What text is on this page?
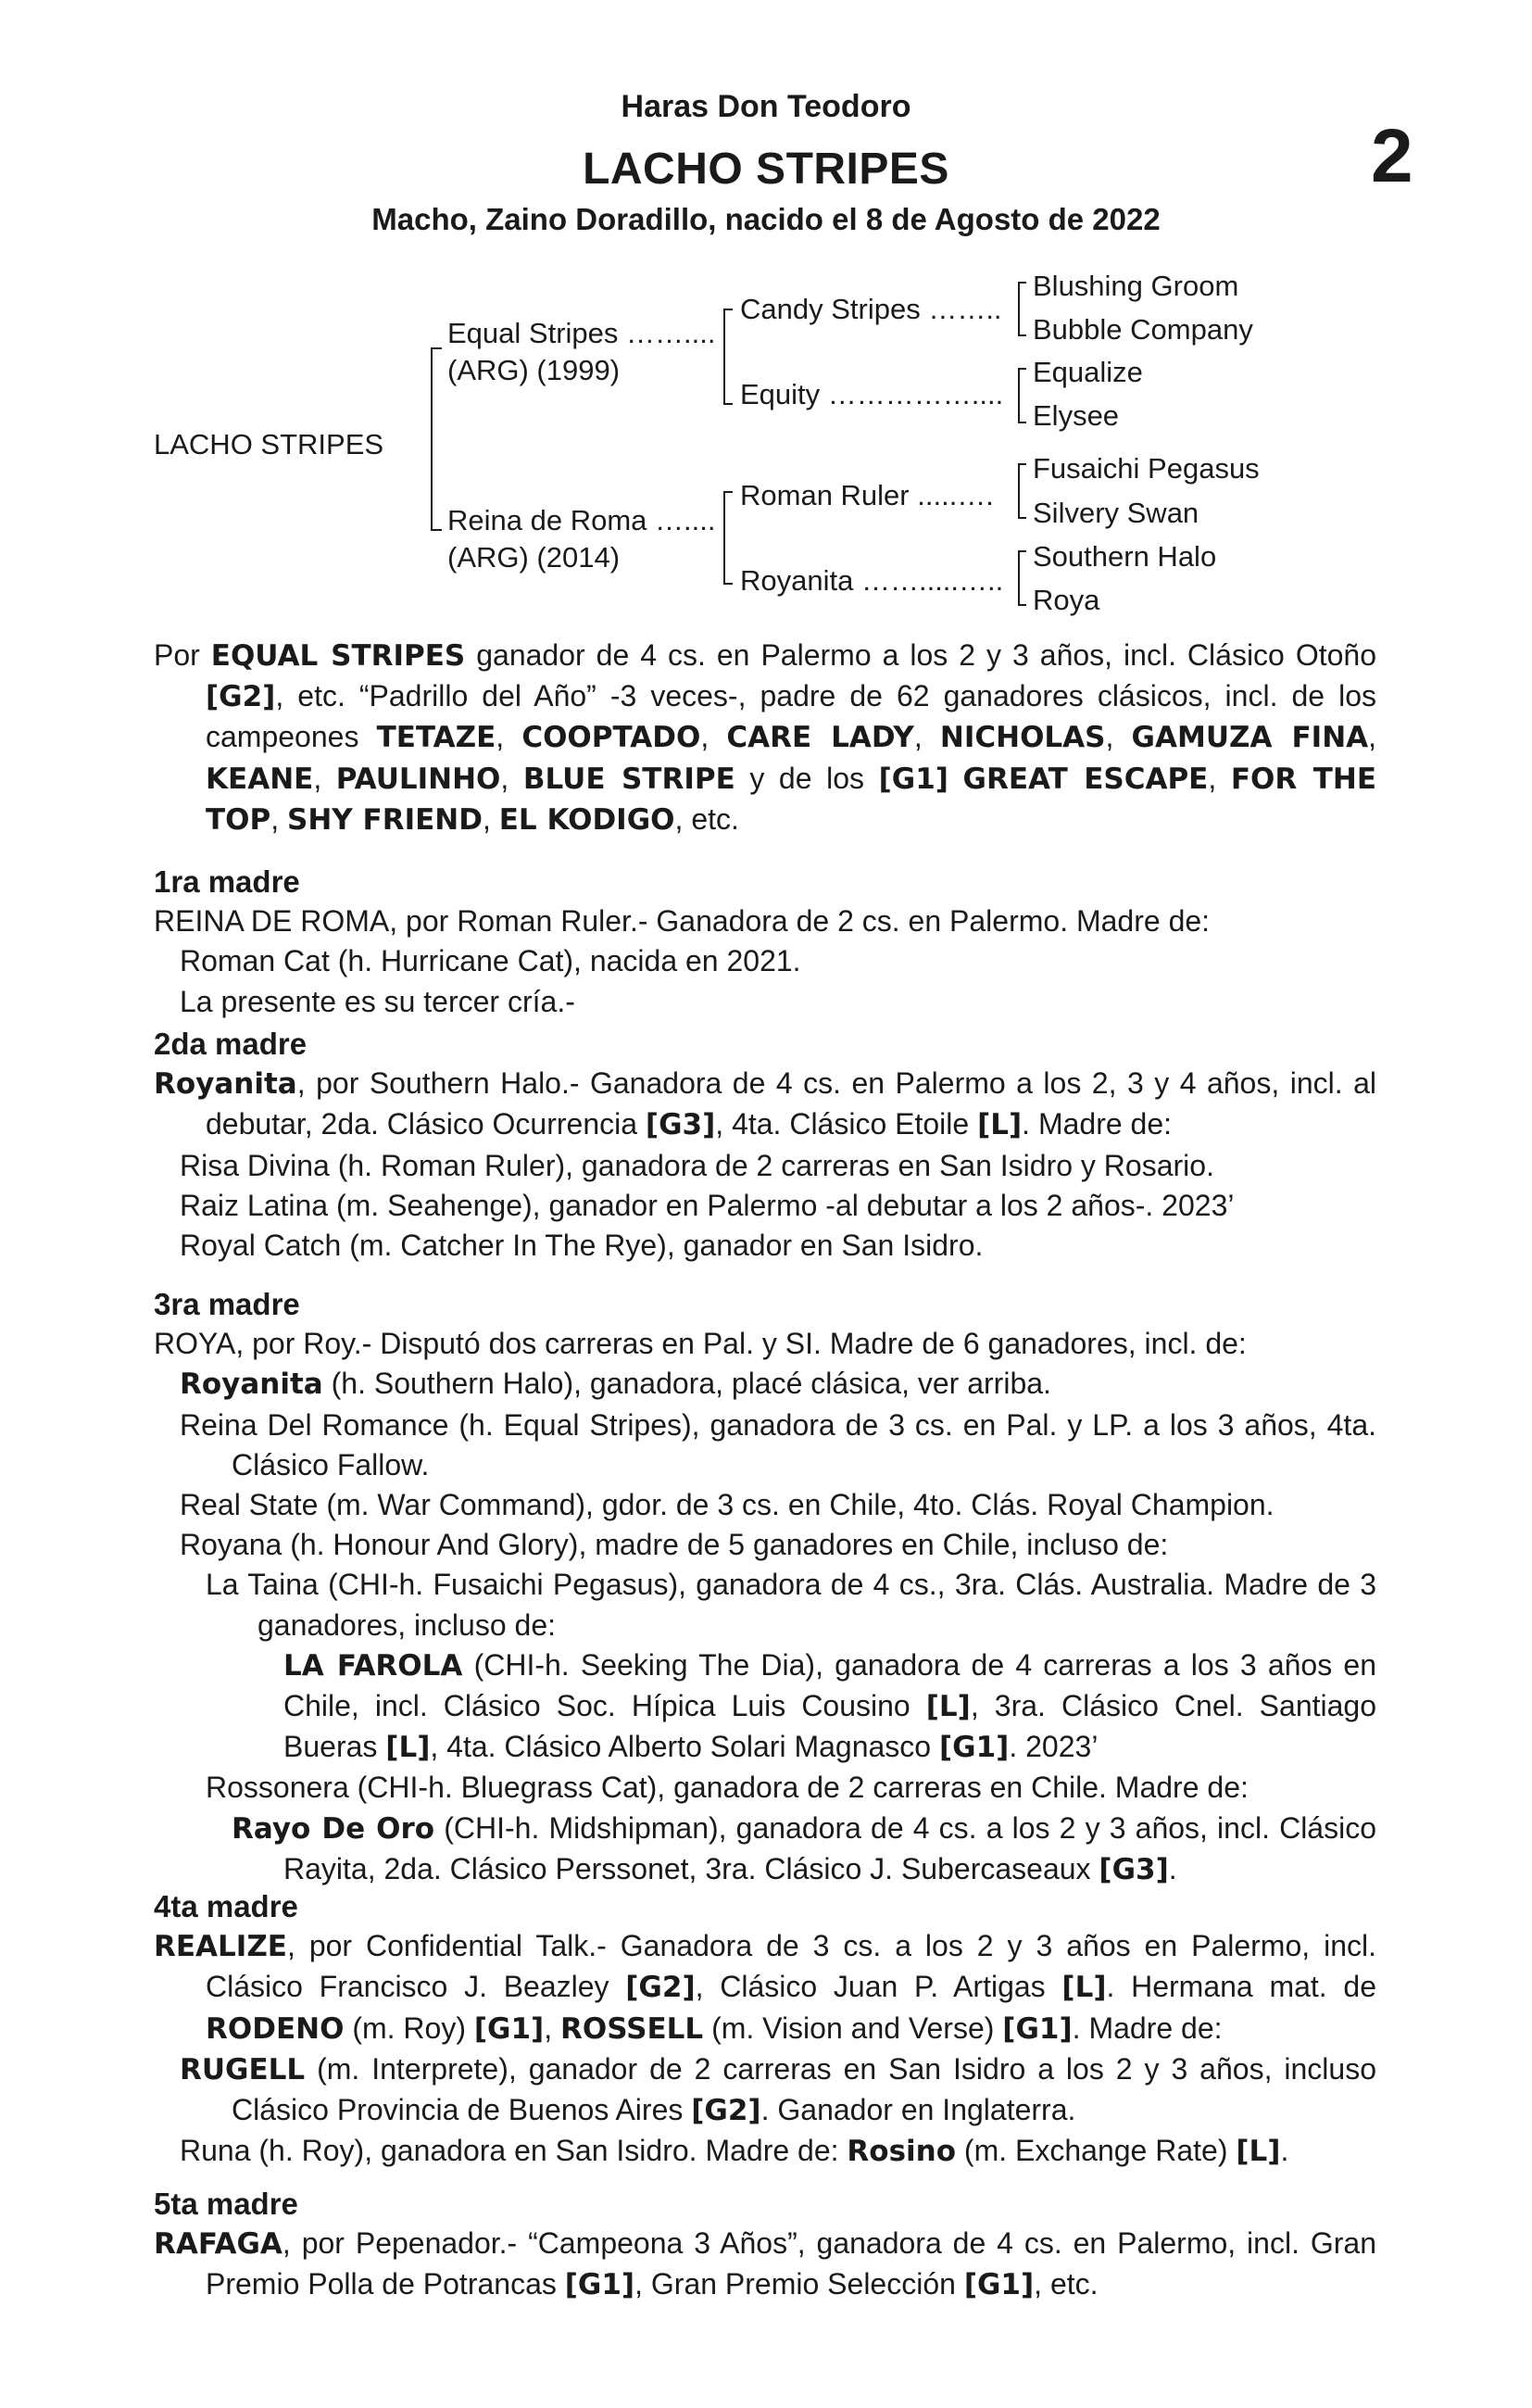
Haras Don Teodoro
2
LACHO STRIPES
Macho, Zaino Doradillo, nacido el 8 de Agosto de 2022
LACHO STRIPES
Equal Stripes ……....
(ARG) (1999)
Reina de Roma …....
(ARG) (2014)
Candy Stripes ……..
Equity ……………....
Roman Ruler .....….
Royanita …….....…..
Blushing Groom
Bubble Company
Equalize
Elysee
Fusaichi Pegasus
Silvery Swan
Southern Halo
Roya

Por EQUAL STRIPES ganador de 4 cs. en Palermo a los 2 y 3 años, incl. Clásico Otoño [G2], etc. “Padrillo del Año” -3 veces-, padre de 62 ganadores clásicos, incl. de los campeones TETAZE, COOPTADO, CARE LADY, NICHOLAS, GAMUZA FINA, KEANE, PAULINHO, BLUE STRIPE y de los [G1] GREAT ESCAPE, FOR THE TOP, SHY FRIEND, EL KODIGO, etc.

1ra madre

REINA DE ROMA, por Roman Ruler.- Ganadora de 2 cs. en Palermo. Madre de:

Roman Cat (h. Hurricane Cat), nacida en 2021.

La presente es su tercer cría.-

2da madre

Royanita, por Southern Halo.- Ganadora de 4 cs. en Palermo a los 2, 3 y 4 años, incl. al debutar, 2da. Clásico Ocurrencia [G3], 4ta. Clásico Etoile [L]. Madre de:

Risa Divina (h. Roman Ruler), ganadora de 2 carreras en San Isidro y Rosario.

Raiz Latina (m. Seahenge), ganador en Palermo -al debutar a los 2 años-. 2023’

Royal Catch (m. Catcher In The Rye), ganador en San Isidro.

3ra madre

ROYA, por Roy.- Disputó dos carreras en Pal. y SI. Madre de 6 ganadores, incl. de:

Royanita (h. Southern Halo), ganadora, placé clásica, ver arriba.

Reina Del Romance (h. Equal Stripes), ganadora de 3 cs. en Pal. y LP. a los 3 años, 4ta. Clásico Fallow.

Real State (m. War Command), gdor. de 3 cs. en Chile, 4to. Clás. Royal Champion.

Royana (h. Honour And Glory), madre de 5 ganadores en Chile, incluso de:

La Taina (CHI-h. Fusaichi Pegasus), ganadora de 4 cs., 3ra. Clás. Australia. Madre de 3 ganadores, incluso de:

LA FAROLA (CHI-h. Seeking The Dia), ganadora de 4 carreras a los 3 años en Chile, incl. Clásico Soc. Hípica Luis Cousino [L], 3ra. Clásico Cnel. Santiago Bueras [L], 4ta. Clásico Alberto Solari Magnasco [G1]. 2023’

Rossonera (CHI-h. Bluegrass Cat), ganadora de 2 carreras en Chile. Madre de:

Rayo De Oro (CHI-h. Midshipman), ganadora de 4 cs. a los 2 y 3 años, incl. Clásico Rayita, 2da. Clásico Perssonet, 3ra. Clásico J. Subercaseaux [G3].

4ta madre

REALIZE, por Confidential Talk.- Ganadora de 3 cs. a los 2 y 3 años en Palermo, incl. Clásico Francisco J. Beazley [G2], Clásico Juan P. Artigas [L]. Hermana mat. de RODENO (m. Roy) [G1], ROSSELL (m. Vision and Verse) [G1]. Madre de:

RUGELL (m. Interprete), ganador de 2 carreras en San Isidro a los 2 y 3 años, incluso Clásico Provincia de Buenos Aires [G2]. Ganador en Inglaterra.

Runa (h. Roy), ganadora en San Isidro. Madre de: Rosino (m. Exchange Rate) [L].

5ta madre

RAFAGA, por Pepenador.- “Campeona 3 Años”, ganadora de 4 cs. en Palermo, incl. Gran Premio Polla de Potrancas [G1], Gran Premio Selección [G1], etc.
